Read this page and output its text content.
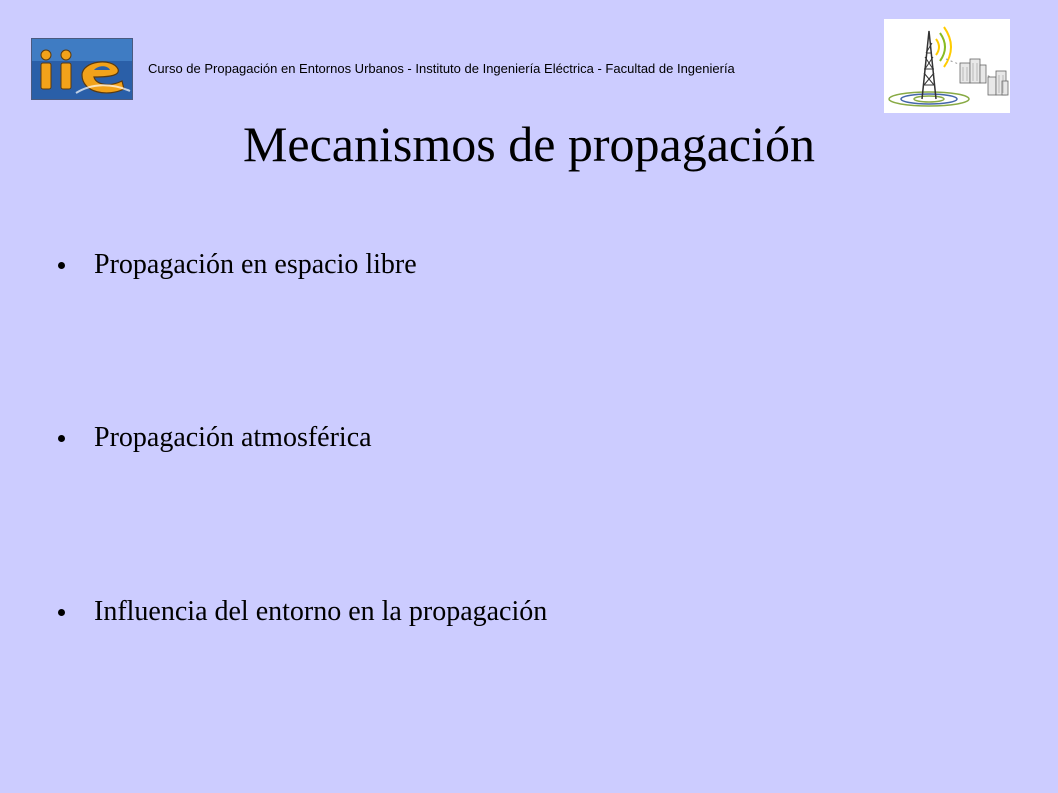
Curso de Propagación en Entornos Urbanos - Instituto de Ingeniería Eléctrica - Facultad de Ingeniería
Mecanismos de propagación
Propagación en espacio libre
Propagación atmosférica
Influencia del entorno en la propagación
